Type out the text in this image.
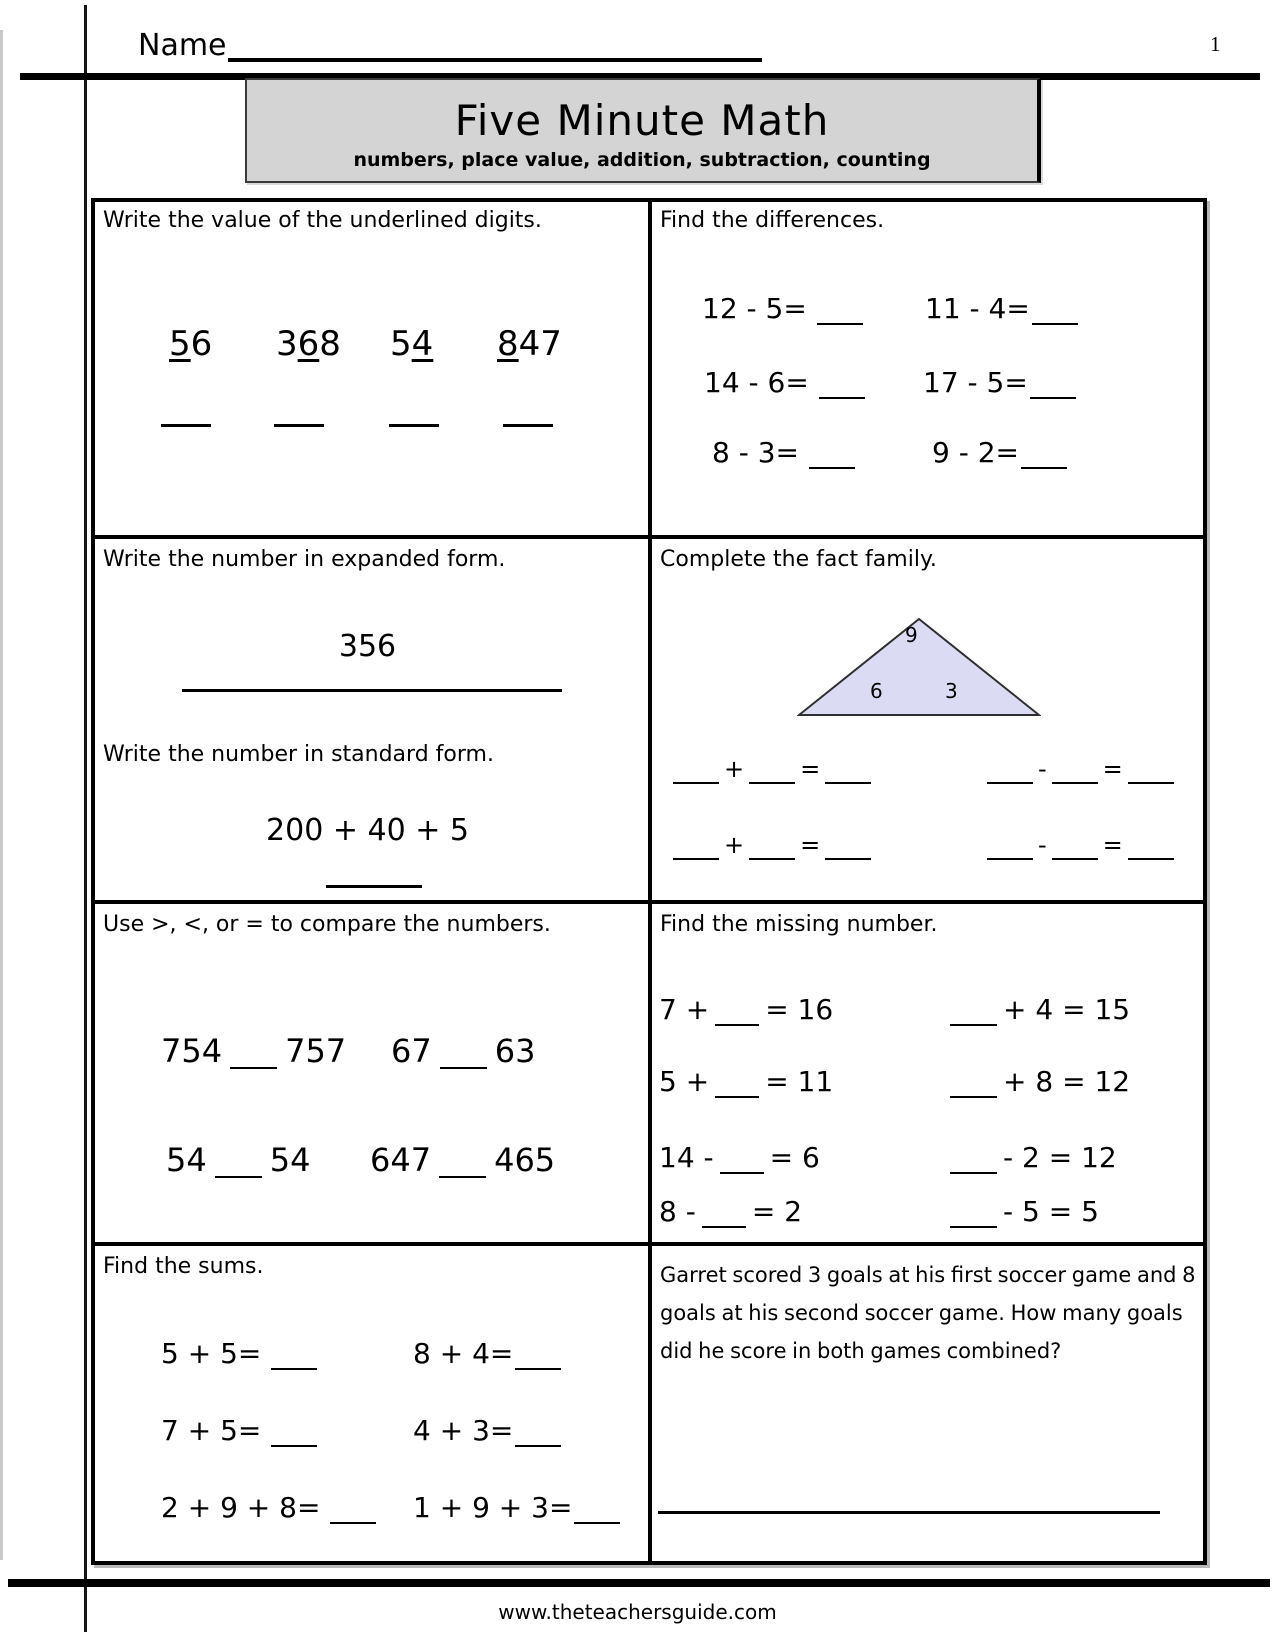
Name	1
Five Minute Math
numbers, place value, addition, subtraction, counting
Write the value of the underlined digits.
56 368 54 847
Find the differences.
12 - 5=	11 - 4=
14 - 6=	17 - 5=
8 - 3=	9 - 2=
Write the number in expanded form.
356
Write the number in standard form.
200 + 40 + 5
Complete the fact family.
9
6	3
+ =	- =
+ =	- =
Use >, <, or = to compare the numbers.
754 757 67 63
54 54 647 465
Find the missing number.
7 + = 16	+ 4 = 15
5 + = 11	+ 8 = 12
14 - = 6	- 2 = 12
8 - = 2	- 5 = 5
Find the sums.
5 + 5=	8 + 4=
7 + 5=	4 + 3=
2 + 9 + 8=	1 + 9 + 3=
Garret scored 3 goals at his first soccer game and 8 goals at his second soccer game. How many goals did he score in both games combined?
www.theteachersguide.com
